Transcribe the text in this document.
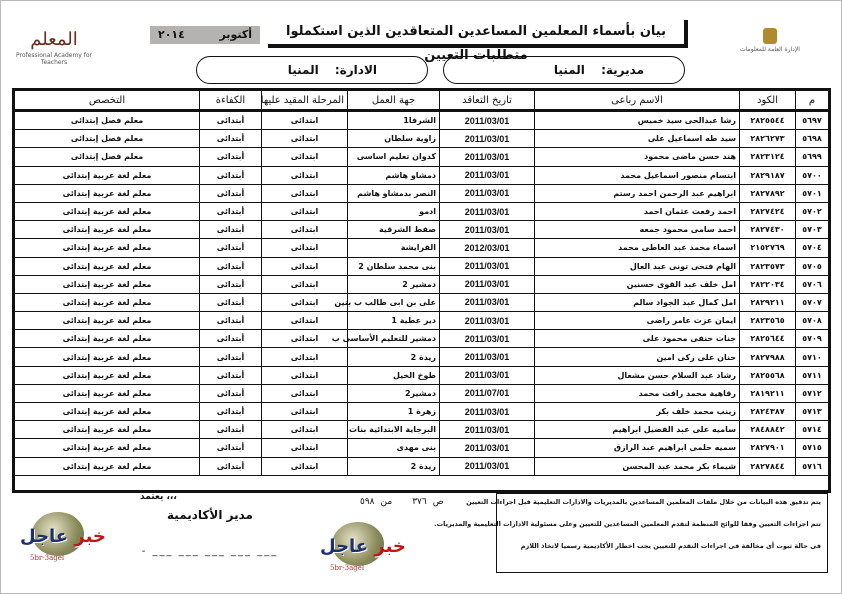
الإدارة العامة للمعلومات
المعلم
Professional Academy for Teachers
بيان بأسماء المعلمين المساعدين المتعاقدين الذين استكملوا متطلبات التعيين
أكتوبر
٢٠١٤
مديرية: المنيا
الادارة: المنيا
م	الكود	الاسم رباعى	تاريخ التعاقد	جهة العمل	المرحلة المقيد عليها	الكفاءة	التخصص
٥٦٩٧	٢٨٢٥٥٤٤	رشا عبدالحى سيد خميس	2011/03/01	الشرفا1	ابتدائى	أبتدائى	معلم فصل إبتدائى
٥٦٩٨	٢٨٢٦٢٧٣	سيد طه اسماعيل على	2011/03/01	زاوية سلطان	ابتدائى	أبتدائى	معلم فصل إبتدائى
٥٦٩٩	٢٨٢٣١٢٤	هند حسن ماضى محمود	2011/03/01	كدوان تعليم اساسى	ابتدائى	أبتدائى	معلم فصل إبتدائى
٥٧٠٠	٢٨٢٩١٨٧	ابتسام منصور اسماعيل محمد	2011/03/01	دمشاو هاشم	ابتدائى	أبتدائى	معلم لغة عربية إبتدائى
٥٧٠١	٢٨٢٧٨٩٢	ابراهيم عبد الرحمن احمد رستم	2011/03/01	النصر بدمشاو هاشم	ابتدائى	أبتدائى	معلم لغة عربية إبتدائى
٥٧٠٢	٢٨٢٧٤٢٤	احمد رفعت عثمان احمد	2011/03/01	ادمو	ابتدائى	أبتدائى	معلم لغة عربية إبتدائى
٥٧٠٣	٢٨٢٧٤٣٠	احمد سامى محمود جمعه	2011/03/01	صفط الشرقية	ابتدائى	أبتدائى	معلم لغة عربية إبتدائى
٥٧٠٤	٢١٥٢٧٦٩	اسماء محمد عبد العاطى محمد	2012/03/01	القرايشة	ابتدائى	أبتدائى	معلم لغة عربية إبتدائى
٥٧٠٥	٢٨٢٣٥٧٣	الهام فتحى تونى عبد العال	2011/03/01	بنى محمد سلطان 2	ابتدائى	أبتدائى	معلم لغة عربية إبتدائى
٥٧٠٦	٢٨٢٢٠٣٤	امل خلف عبد القوى حسنين	2011/03/01	دمشير 2	ابتدائى	أبتدائى	معلم لغة عربية إبتدائى
٥٧٠٧	٢٨٢٩٢١١	امل كمال عبد الجواد سالم	2011/03/01	على بن ابى طالب ب بنين	ابتدائى	أبتدائى	معلم لغة عربية إبتدائى
٥٧٠٨	٢٨٢٣٥٦٥	ايمان عزت عامر راضى	2011/03/01	دير عطية 1	ابتدائى	أبتدائى	معلم لغة عربية إبتدائى
٥٧٠٩	٢٨٢٥٦٤٤	جنات حنفى محمود على	2011/03/01	دمشير للتعليم الأساسى ب	ابتدائى	أبتدائى	معلم لغة عربية إبتدائى
٥٧١٠	٢٨٢٧٩٨٨	حنان على زكى امين	2011/03/01	ريدة 2	ابتدائى	أبتدائى	معلم لغة عربية إبتدائى
٥٧١١	٢٨٢٥٥٦٨	رشاد عبد السلام حسن مشعال	2011/03/01	طوخ الخيل	ابتدائى	أبتدائى	معلم لغة عربية إبتدائى
٥٧١٢	٢٨١٩٢١١	رقاهية محمد رافت محمد	2011/07/01	دمشير2	ابتدائى	أبتدائى	معلم لغة عربية إبتدائى
٥٧١٣	٢٨٢٤٣٨٧	زينب محمد خلف بكر	2011/03/01	زهرة 1	ابتدائى	أبتدائى	معلم لغة عربية إبتدائى
٥٧١٤	٢٨٤٨٨٤٢	ساميه على عبد الفضيل ابراهيم	2011/03/01	البرجاية الابتدائية بنات	ابتدائى	أبتدائى	معلم لغة عربية إبتدائى
٥٧١٥	٢٨٢٧٩٠١	سميه حلمى ابراهيم عبد الرازق	2011/03/01	بنى مهدى	ابتدائى	أبتدائى	معلم لغة عربية إبتدائى
٥٧١٦	٢٨٢٧٨٤٤	شيماء بكر محمد عبد المحسن	2011/03/01	ريدة 2	ابتدائى	أبتدائى	معلم لغة عربية إبتدائى

خبر عاجل
5br-3agel
خبر عاجل
5br-3agel

يتم تدقيق هذه البيانات من خلال ملفات المعلمين المساعدين بالمديريات والادارات التعليمية قبل اجراءات التعيين

تتم اجراءات التعيين وفقا للوائح المنظمة لتقدم المعلمين المساعدين للتعيين وعلى مسئولية الادارات التعليمية والمديريات.

فى حالة ثبوت أى مخالفة فى اجراءات التقدم للتعيين يجب اخطار الأكاديمية رسميا لاتخاذ اللازم

ص
٣٧٦
من
٥٩٨
،،، يعتمد
مدير الأكاديمية
___ ___ ___ ___ ___ -
